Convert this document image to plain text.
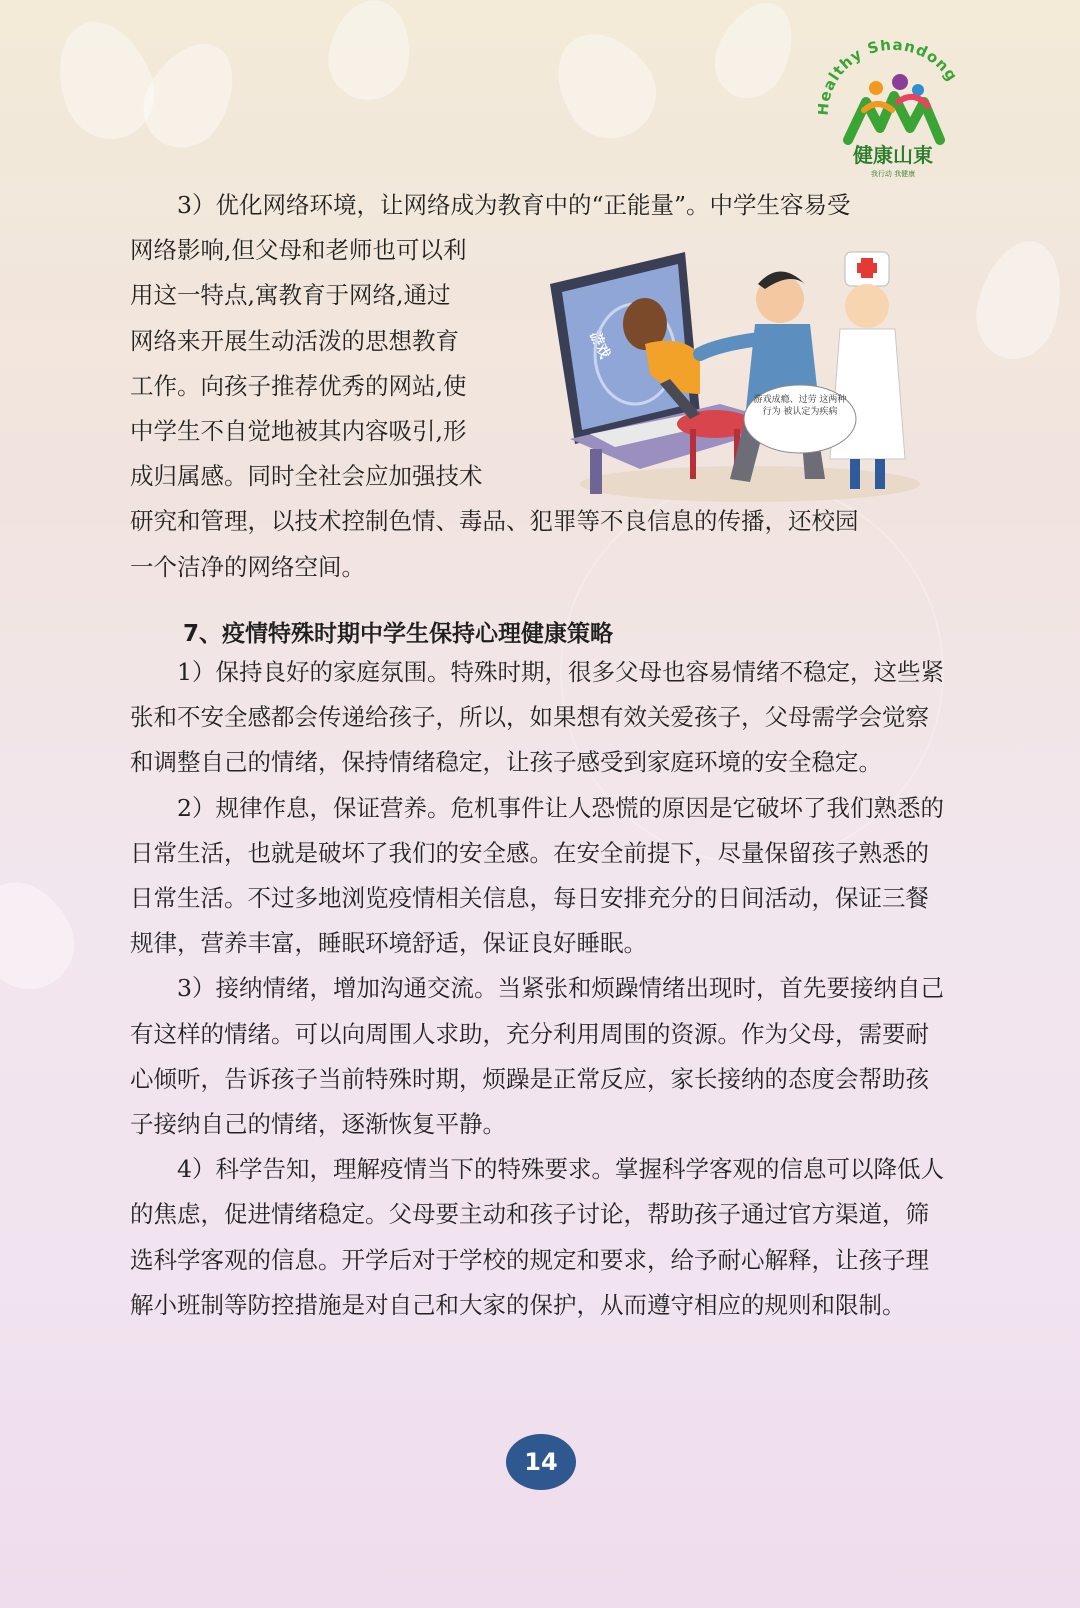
althy Shandong
健康山東
我行动 我健康

3）优化网络环境，让网络成为教育中的“正能量”。中学生容易受

网络影响,但父母和老师也可以利
用这一特点,寓教育于网络,通过
网络来开展生动活泼的思想教育
工作。向孩子推荐优秀的网站,使
中学生不自觉地被其内容吸引,形
成归属感。同时全社会应加强技术
研究和管理，以技术控制色情、毒品、犯罪等不良信息的传播，还校园
一个洁净的网络空间。
游戏
游戏成瘾、过劳 这两种行为 被认定为疾病
7、疫情特殊时期中学生保持心理健康策略

1）保持良好的家庭氛围。特殊时期，很多父母也容易情绪不稳定，这些紧张和不安全感都会传递给孩子，所以，如果想有效关爱孩子，父母需学会觉察和调整自己的情绪，保持情绪稳定，让孩子感受到家庭环境的安全稳定。

2）规律作息，保证营养。危机事件让人恐慌的原因是它破坏了我们熟悉的日常生活，也就是破坏了我们的安全感。在安全前提下，尽量保留孩子熟悉的日常生活。不过多地浏览疫情相关信息，每日安排充分的日间活动，保证三餐规律，营养丰富，睡眠环境舒适，保证良好睡眠。

3）接纳情绪，增加沟通交流。当紧张和烦躁情绪出现时，首先要接纳自己有这样的情绪。可以向周围人求助，充分利用周围的资源。作为父母，需要耐心倾听，告诉孩子当前特殊时期，烦躁是正常反应，家长接纳的态度会帮助孩子接纳自己的情绪，逐渐恢复平静。

4）科学告知，理解疫情当下的特殊要求。掌握科学客观的信息可以降低人的焦虑，促进情绪稳定。父母要主动和孩子讨论，帮助孩子通过官方渠道，筛选科学客观的信息。开学后对于学校的规定和要求，给予耐心解释，让孩子理解小班制等防控措施是对自己和大家的保护，从而遵守相应的规则和限制。

14
